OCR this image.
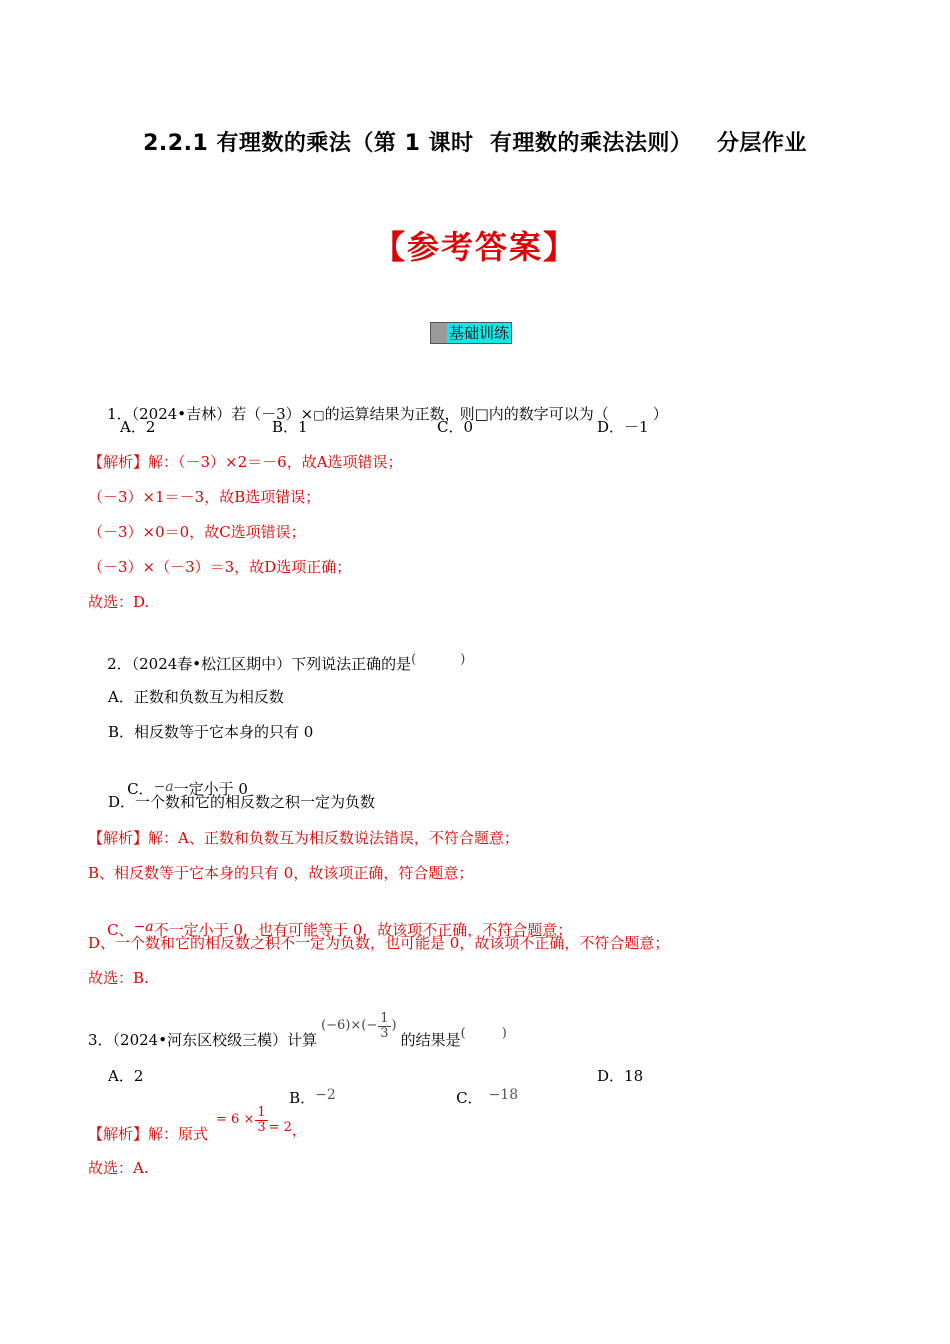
2.2.1 有理数的乘法（第 1 课时  有理数的乘法法则）   分层作业
【参考答案】
基础训练

1．（2024•吉林）若（－3）×□的运算结果为正数，则□内的数字可以为（	）

A．2	B．1	C．0	D．－1
【解析】解：（－3）×2＝－6，故A选项错误；
（－3）×1＝－3，故B选项错误；
（－3）×0＝0，故C选项错误；
（－3）×（－3）＝3，故D选项正确；
故选：D.

2．（2024春•松江区期中）下列说法正确的是(	)

A．正数和负数互为相反数
B．相反数等于它本身的只有 0

C．−a一定小于 0

D．一个数和它的相反数之积一定为负数
【解析】解：A、正数和负数互为相反数说法错误，不符合题意；
B、相反数等于它本身的只有 0，故该项正确，符合题意；

C、−a不一定小于 0，也有可能等于 0，故该项不正确，不符合题意；

D、一个数和它的相反数之积不一定为负数，也可能是 0，故该项不正确，不符合题意；
故选：B.
3．（2024•河东区校级三模）计算
$(-6)\times(- \frac{1}{3}$ )
的结果是 (	)
A．2

B．−2
	C． −18

D．18
【解析】解：原式
= $6 \times \frac{1}{3} = 2$ ，
故选：A.
